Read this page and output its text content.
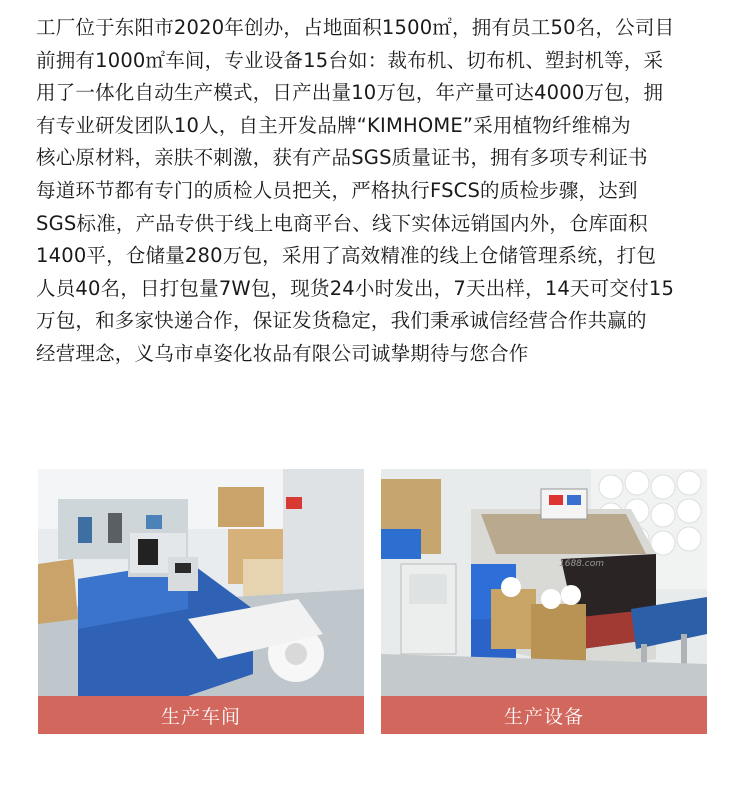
工厂位于东阳市2020年创办，占地面积1500㎡，拥有员工50名，公司目
前拥有1000㎡车间，专业设备15台如：裁布机、切布机、塑封机等，采
用了一体化自动生产模式，日产出量10万包，年产量可达4000万包，拥
有专业研发团队10人，自主开发品牌“KIMHOME”采用植物纤维棉为
核心原材料，亲肤不刺激，获有产品SGS质量证书，拥有多项专利证书
每道环节都有专门的质检人员把关，严格执行FSCS的质检步骤，达到
SGS标准，产品专供于线上电商平台、线下实体远销国内外，仓库面积
1400平，仓储量280万包，采用了高效精准的线上仓储管理系统，打包
人员40名，日打包量7W包，现货24小时发出，7天出样，14天可交付15
万包，和多家快递合作，保证发货稳定，我们秉承诚信经营合作共赢的
经营理念，义乌市卓姿化妆品有限公司诚挚期待与您合作
生产车间
1688.com
生产设备
